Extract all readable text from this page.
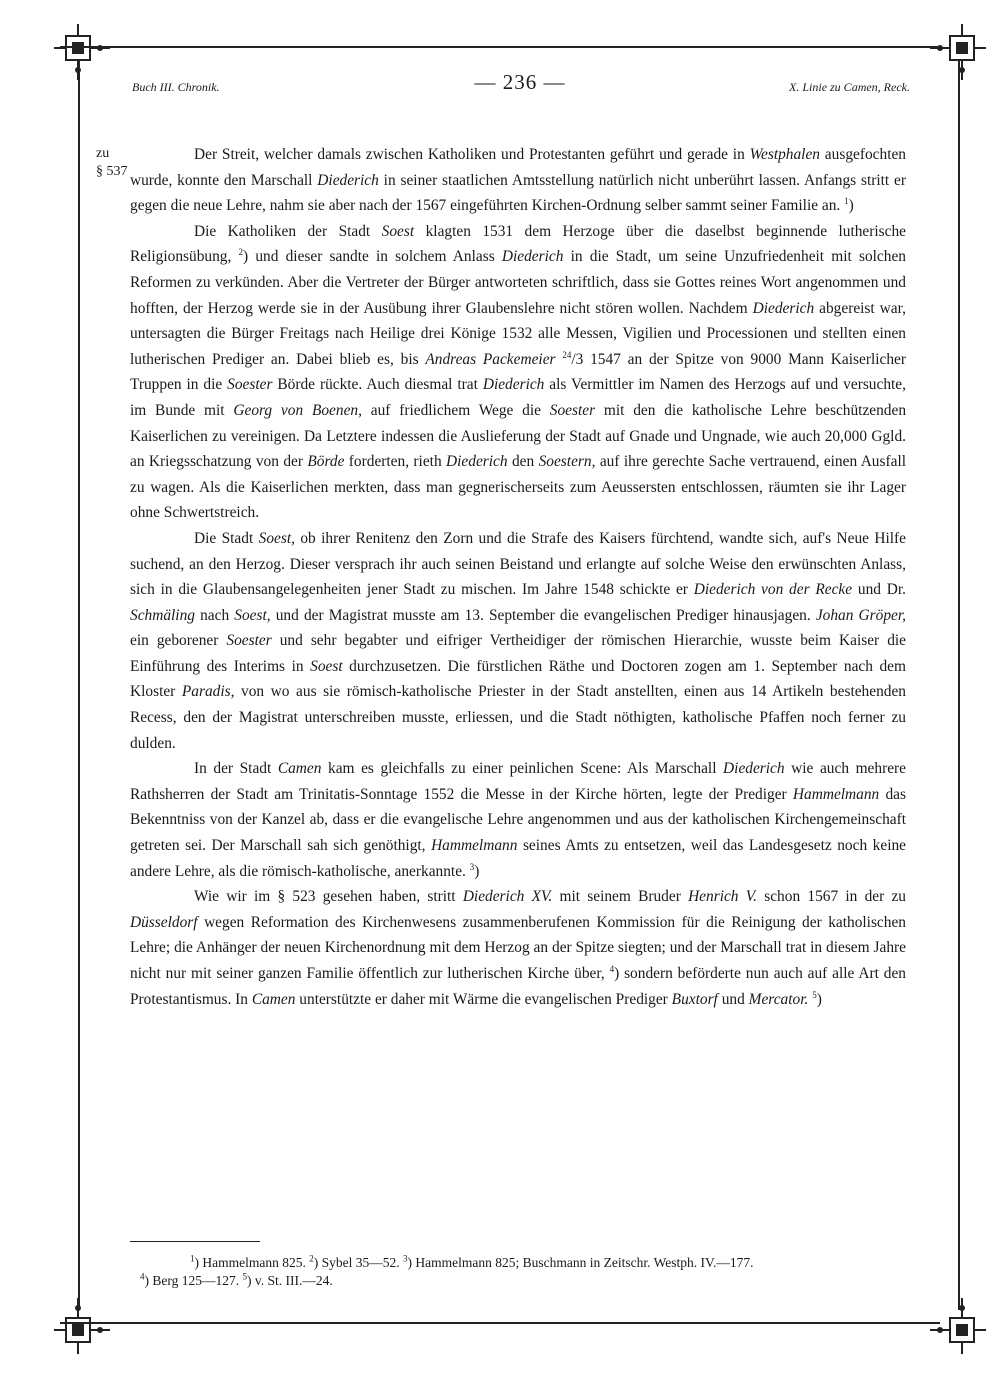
Buch III. Chronik.	— 236 —	X. Linie zu Camen, Reck.
zu
§ 537

Der Streit, welcher damals zwischen Katholiken und Protestanten geführt und gerade in Westphalen ausgefochten wurde, konnte den Marschall Diederich in seiner staatlichen Amtsstellung natürlich nicht unberührt lassen. Anfangs stritt er gegen die neue Lehre, nahm sie aber nach der 1567 eingeführten Kirchen-Ordnung selber sammt seiner Familie an. $^1$)

Die Katholiken der Stadt Soest klagten 1531 dem Herzoge über die daselbst beginnende lutherische Religionsübung, $^2$) und dieser sandte in solchem Anlass Diederich in die Stadt, um seine Unzufriedenheit mit solchen Reformen zu verkünden. Aber die Vertreter der Bürger antworteten schriftlich, dass sie Gottes reines Wort angenommen und hofften, der Herzog werde sie in der Ausübung ihrer Glaubenslehre nicht stören wollen. Nachdem Diederich abgereist war, untersagten die Bürger Freitags nach Heilige drei Könige 1532 alle Messen, Vigilien und Processionen und stellten einen lutherischen Prediger an. Dabei blieb es, bis Andreas Packemeier $^{24}$/3 1547 an der Spitze von 9000 Mann Kaiserlicher Truppen in die Soester Börde rückte. Auch diesmal trat Diederich als Vermittler im Namen des Herzogs auf und versuchte, im Bunde mit Georg von Boenen, auf friedlichem Wege die Soester mit den die katholische Lehre beschützenden Kaiserlichen zu vereinigen. Da Letztere indessen die Auslieferung der Stadt auf Gnade und Ungnade, wie auch 20,000 Ggld. an Kriegsschatzung von der Börde forderten, rieth Diederich den Soestern, auf ihre gerechte Sache vertrauend, einen Ausfall zu wagen. Als die Kaiserlichen merkten, dass man gegnerischerseits zum Aeussersten entschlossen, räumten sie ihr Lager ohne Schwertstreich.

Die Stadt Soest, ob ihrer Renitenz den Zorn und die Strafe des Kaisers fürchtend, wandte sich, auf's Neue Hilfe suchend, an den Herzog. Dieser versprach ihr auch seinen Beistand und erlangte auf solche Weise den erwünschten Anlass, sich in die Glaubensangelegenheiten jener Stadt zu mischen. Im Jahre 1548 schickte er Diederich von der Recke und Dr. Schmäling nach Soest, und der Magistrat musste am 13. September die evangelischen Prediger hinausjagen. Johan Gröper, ein geborener Soester und sehr begabter und eifriger Vertheidiger der römischen Hierarchie, wusste beim Kaiser die Einführung des Interims in Soest durchzusetzen. Die fürstlichen Räthe und Doctoren zogen am 1. September nach dem Kloster Paradis, von wo aus sie römisch-katholische Priester in der Stadt anstellten, einen aus 14 Artikeln bestehenden Recess, den der Magistrat unterschreiben musste, erliessen, und die Stadt nöthigten, katholische Pfaffen noch ferner zu dulden.

In der Stadt Camen kam es gleichfalls zu einer peinlichen Scene: Als Marschall Diederich wie auch mehrere Rathsherren der Stadt am Trinitatis-Sonntage 1552 die Messe in der Kirche hörten, legte der Prediger Hammelmann das Bekenntniss von der Kanzel ab, dass er die evangelische Lehre angenommen und aus der katholischen Kirchengemeinschaft getreten sei. Der Marschall sah sich genöthigt, Hammelmann seines Amts zu entsetzen, weil das Landesgesetz noch keine andere Lehre, als die römisch-katholische, anerkannte. $^3$)

Wie wir im § 523 gesehen haben, stritt Diederich XV. mit seinem Bruder Henrich V. schon 1567 in der zu Düsseldorf wegen Reformation des Kirchenwesens zusammenberufenen Kommission für die Reinigung der katholischen Lehre; die Anhänger der neuen Kirchenordnung mit dem Herzog an der Spitze siegten; und der Marschall trat in diesem Jahre nicht nur mit seiner ganzen Familie öffentlich zur lutherischen Kirche über, $^4$) sondern beförderte nun auch auf alle Art den Protestantismus. In Camen unterstützte er daher mit Wärme die evangelischen Prediger Buxtorf und Mercator. $^5$)

$^1$) Hammelmann 825. $^2$) Sybel 35—52. $^3$) Hammelmann 825; Buschmann in Zeitschr. Westph. IV.—177.

$^4$) Berg 125—127. $^5$) v. St. III.—24.
